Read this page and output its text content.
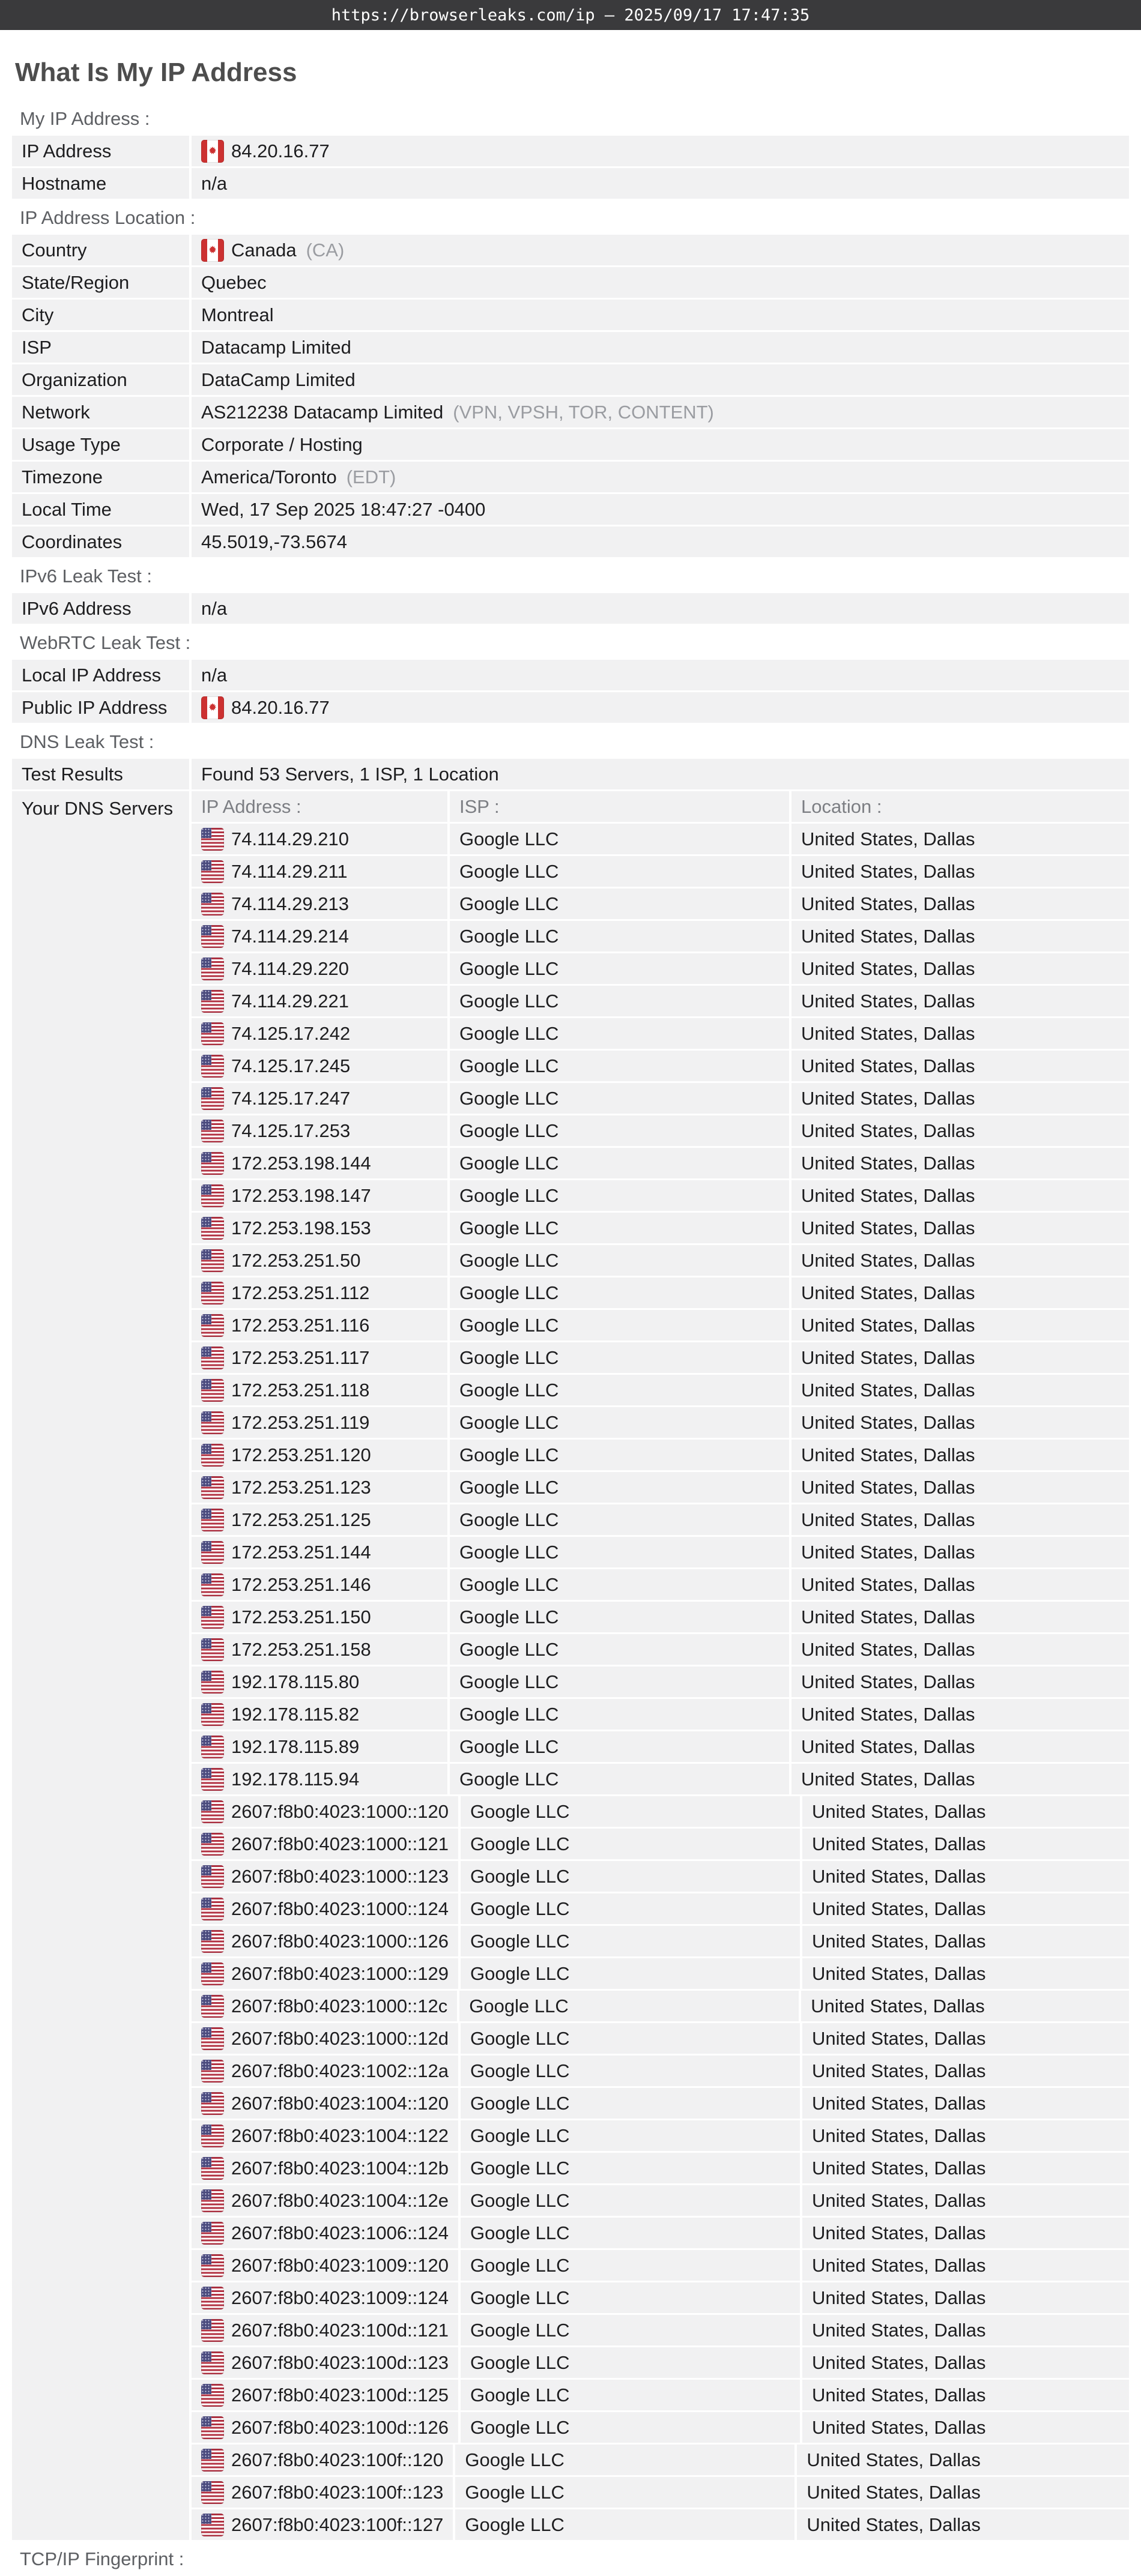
https://browserleaks.com/ip — 2025/09/17 17:47:35
What Is My IP Address
My IP Address :
IP Address	84.20.16.77
Hostname	n/a
IP Address Location :
Country	Canada (CA)
State/Region	Quebec
City	Montreal
ISP	Datacamp Limited
Organization	DataCamp Limited
Network	AS212238 Datacamp Limited (VPN, VPSH, TOR, CONTENT)
Usage Type	Corporate / Hosting
Timezone	America/Toronto (EDT)
Local Time	Wed, 17 Sep 2025 18:47:27 -0400
Coordinates	45.5019,-73.5674
IPv6 Leak Test :
IPv6 Address	n/a
WebRTC Leak Test :
Local IP Address	n/a
Public IP Address	84.20.16.77
DNS Leak Test :
Test Results	Found 53 Servers, 1 ISP, 1 Location
Your DNS Servers	IP Address :	ISP :	Location :
74.114.29.210	Google LLC	United States, Dallas
74.114.29.211	Google LLC	United States, Dallas
74.114.29.213	Google LLC	United States, Dallas
74.114.29.214	Google LLC	United States, Dallas
74.114.29.220	Google LLC	United States, Dallas
74.114.29.221	Google LLC	United States, Dallas
74.125.17.242	Google LLC	United States, Dallas
74.125.17.245	Google LLC	United States, Dallas
74.125.17.247	Google LLC	United States, Dallas
74.125.17.253	Google LLC	United States, Dallas
172.253.198.144	Google LLC	United States, Dallas
172.253.198.147	Google LLC	United States, Dallas
172.253.198.153	Google LLC	United States, Dallas
172.253.251.50	Google LLC	United States, Dallas
172.253.251.112	Google LLC	United States, Dallas
172.253.251.116	Google LLC	United States, Dallas
172.253.251.117	Google LLC	United States, Dallas
172.253.251.118	Google LLC	United States, Dallas
172.253.251.119	Google LLC	United States, Dallas
172.253.251.120	Google LLC	United States, Dallas
172.253.251.123	Google LLC	United States, Dallas
172.253.251.125	Google LLC	United States, Dallas
172.253.251.144	Google LLC	United States, Dallas
172.253.251.146	Google LLC	United States, Dallas
172.253.251.150	Google LLC	United States, Dallas
172.253.251.158	Google LLC	United States, Dallas
192.178.115.80	Google LLC	United States, Dallas
192.178.115.82	Google LLC	United States, Dallas
192.178.115.89	Google LLC	United States, Dallas
192.178.115.94	Google LLC	United States, Dallas
2607:f8b0:4023:1000::120	Google LLC	United States, Dallas
2607:f8b0:4023:1000::121	Google LLC	United States, Dallas
2607:f8b0:4023:1000::123	Google LLC	United States, Dallas
2607:f8b0:4023:1000::124	Google LLC	United States, Dallas
2607:f8b0:4023:1000::126	Google LLC	United States, Dallas
2607:f8b0:4023:1000::129	Google LLC	United States, Dallas
2607:f8b0:4023:1000::12c	Google LLC	United States, Dallas
2607:f8b0:4023:1000::12d	Google LLC	United States, Dallas
2607:f8b0:4023:1002::12a	Google LLC	United States, Dallas
2607:f8b0:4023:1004::120	Google LLC	United States, Dallas
2607:f8b0:4023:1004::122	Google LLC	United States, Dallas
2607:f8b0:4023:1004::12b	Google LLC	United States, Dallas
2607:f8b0:4023:1004::12e	Google LLC	United States, Dallas
2607:f8b0:4023:1006::124	Google LLC	United States, Dallas
2607:f8b0:4023:1009::120	Google LLC	United States, Dallas
2607:f8b0:4023:1009::124	Google LLC	United States, Dallas
2607:f8b0:4023:100d::121	Google LLC	United States, Dallas
2607:f8b0:4023:100d::123	Google LLC	United States, Dallas
2607:f8b0:4023:100d::125	Google LLC	United States, Dallas
2607:f8b0:4023:100d::126	Google LLC	United States, Dallas
2607:f8b0:4023:100f::120	Google LLC	United States, Dallas
2607:f8b0:4023:100f::123	Google LLC	United States, Dallas
2607:f8b0:4023:100f::127	Google LLC	United States, Dallas
TCP/IP Fingerprint :
